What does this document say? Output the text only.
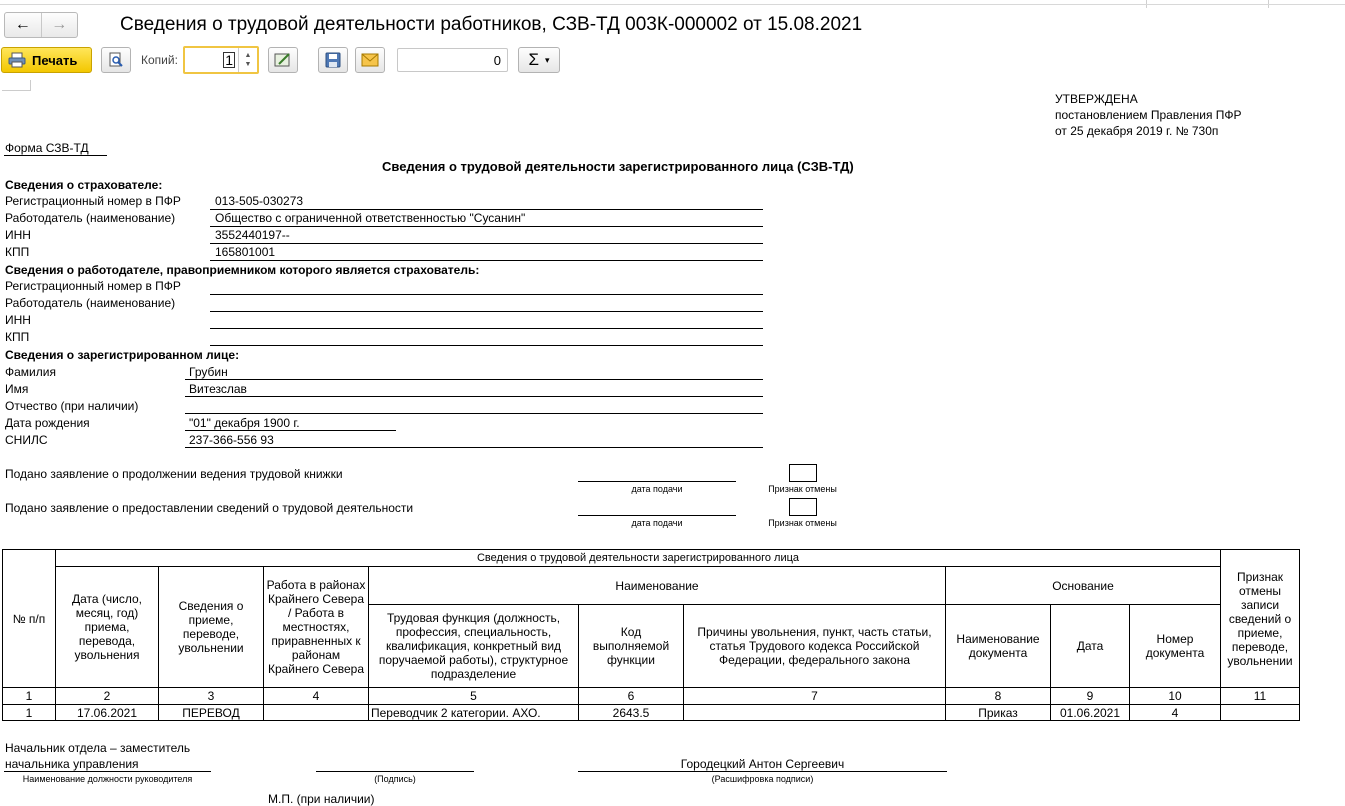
←	→	Сведения о трудовой деятельности работников, СЗВ-ТД 003К-000002 от 15.08.2021
Печать	Копий:	1 ▲
▼	0	Σ ▾
УТВЕРЖДЕНА
постановлением Правления ПФР
от 25 декабря 2019 г. № 730п
Форма СЗВ-ТД
Сведения о трудовой деятельности зарегистрированного лица (СЗВ-ТД)
Сведения о страхователе:
Регистрационный номер в ПФР	013-505-030273
Работодатель (наименование)	Общество с ограниченной ответственностью "Сусанин"
ИНН	3552440197--
КПП	165801001
Сведения о работодателе, правоприемником которого является страхователь:
Регистрационный номер в ПФР
Работодатель (наименование)
ИНН
КПП
Сведения о зарегистрированном лице:
Фамилия	Грубин
Имя	Витезслав
Отчество (при наличии)
Дата рождения	"01" декабря 1900 г.
СНИЛС	237-366-556 93
Подано заявление о продолжении ведения трудовой книжки
дата подачи	Признак отмены
Подано заявление о предоставлении сведений о трудовой деятельности
дата подачи	Признак отмены
№ п/п	Сведения о трудовой деятельности зарегистрированного лица									Признак отмены записи сведений о приеме, переводе, увольнении
	Дата (число, месяц, год) приема, перевода, увольнения	Сведения о приеме, переводе, увольнении	Работа в районах Крайнего Севера / Работа в местностях, приравненных к районам Крайнего Севера	Наименование			Основание			
				Трудовая функция (должность, профессия, специальность, квалификация, конкретный вид поручаемой работы), структурное подразделение	Код выполняемой функции	Причины увольнения, пункт, часть статьи, статья Трудового кодекса Российской Федерации, федерального закона	Наименование документа	Дата	Номер документа	
1	2	3	4	5	6	7	8	9	10	11
1	17.06.2021	ПЕРЕВОД		Переводчик 2 категории. АХО.	2643.5		Приказ	01.06.2021	4	
Начальник отдела – заместитель
начальника управления
Наименование должности руководителя	(Подпись)
Городецкий Антон Сергеевич
(Расшифровка подписи)
М.П. (при наличии)
